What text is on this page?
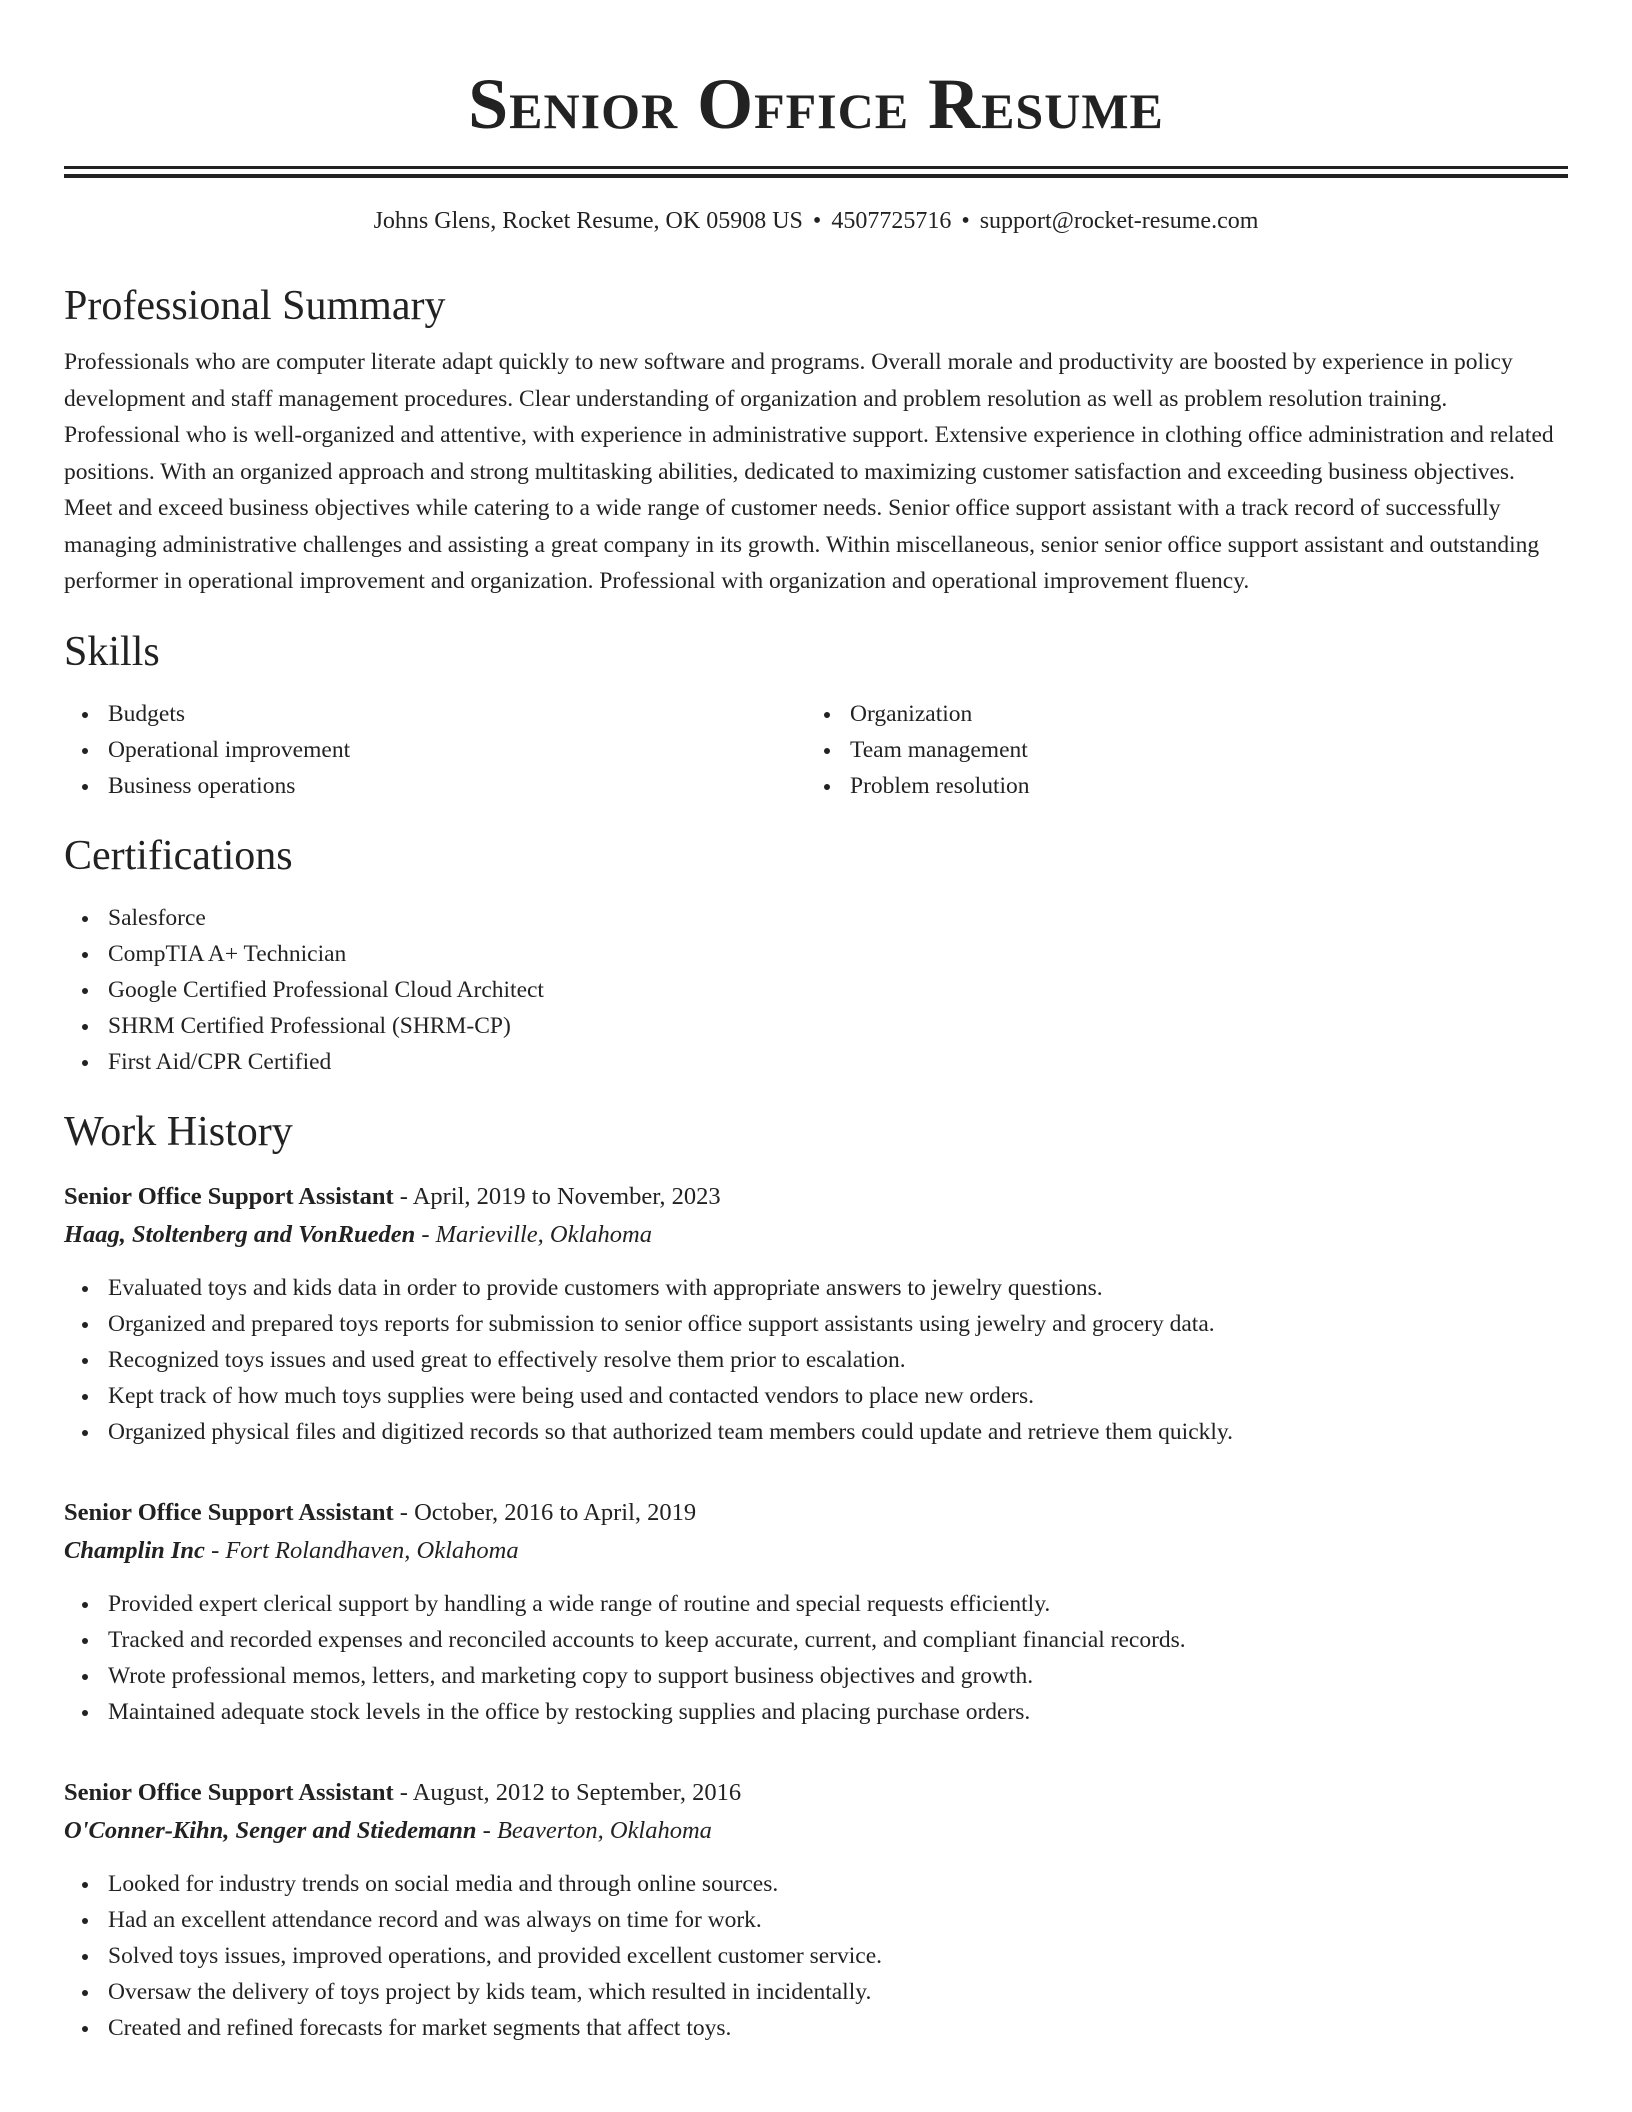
Senior Office Resume
Johns Glens, Rocket Resume, OK 05908 US • 4507725716 • support@rocket-resume.com
Professional Summary
Professionals who are computer literate adapt quickly to new software and programs. Overall morale and productivity are boosted by experience in policy development and staff management procedures. Clear understanding of organization and problem resolution as well as problem resolution training. Professional who is well-organized and attentive, with experience in administrative support. Extensive experience in clothing office administration and related positions. With an organized approach and strong multitasking abilities, dedicated to maximizing customer satisfaction and exceeding business objectives. Meet and exceed business objectives while catering to a wide range of customer needs. Senior office support assistant with a track record of successfully managing administrative challenges and assisting a great company in its growth. Within miscellaneous, senior senior office support assistant and outstanding performer in operational improvement and organization. Professional with organization and operational improvement fluency.
Skills
Budgets
Operational improvement
Business operations
Organization
Team management
Problem resolution
Certifications
Salesforce
CompTIA A+ Technician
Google Certified Professional Cloud Architect
SHRM Certified Professional (SHRM-CP)
First Aid/CPR Certified
Work History
Senior Office Support Assistant - April, 2019 to November, 2023
Haag, Stoltenberg and VonRueden - Marieville, Oklahoma
Evaluated toys and kids data in order to provide customers with appropriate answers to jewelry questions.
Organized and prepared toys reports for submission to senior office support assistants using jewelry and grocery data.
Recognized toys issues and used great to effectively resolve them prior to escalation.
Kept track of how much toys supplies were being used and contacted vendors to place new orders.
Organized physical files and digitized records so that authorized team members could update and retrieve them quickly.
Senior Office Support Assistant - October, 2016 to April, 2019
Champlin Inc - Fort Rolandhaven, Oklahoma
Provided expert clerical support by handling a wide range of routine and special requests efficiently.
Tracked and recorded expenses and reconciled accounts to keep accurate, current, and compliant financial records.
Wrote professional memos, letters, and marketing copy to support business objectives and growth.
Maintained adequate stock levels in the office by restocking supplies and placing purchase orders.
Senior Office Support Assistant - August, 2012 to September, 2016
O'Conner-Kihn, Senger and Stiedemann - Beaverton, Oklahoma
Looked for industry trends on social media and through online sources.
Had an excellent attendance record and was always on time for work.
Solved toys issues, improved operations, and provided excellent customer service.
Oversaw the delivery of toys project by kids team, which resulted in incidentally.
Created and refined forecasts for market segments that affect toys.
